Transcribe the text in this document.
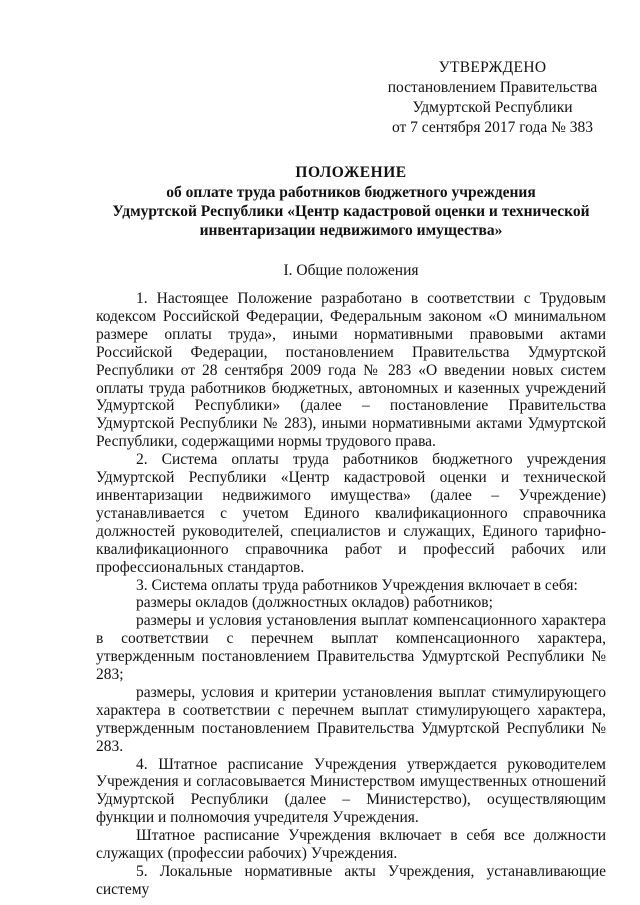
УТВЕРЖДЕНО
постановлением Правительства
Удмуртской Республики
от 7 сентября 2017 года № 383
ПОЛОЖЕНИЕ
об оплате труда работников бюджетного учреждения
Удмуртской Республики «Центр кадастровой оценки и технической
инвентаризации недвижимого имущества»
I. Общие положения

1. Настоящее Положение разработано в соответствии с Трудовым кодексом Российской Федерации, Федеральным законом «О минимальном размере оплаты труда», иными нормативными правовыми актами Российской Федерации, постановлением Правительства Удмуртской Республики от 28 сентября 2009 года № 283 «О введении новых систем оплаты труда работников бюджетных, автономных и казенных учреждений Удмуртской Республики» (далее – постановление Правительства Удмуртской Республики № 283), иными нормативными актами Удмуртской Республики, содержащими нормы трудового права.

2. Система оплаты труда работников бюджетного учреждения Удмуртской Республики «Центр кадастровой оценки и технической инвентаризации недвижимого имущества» (далее – Учреждение) устанавливается с учетом Единого квалификационного справочника должностей руководителей, специалистов и служащих, Единого тарифно-квалификационного справочника работ и профессий рабочих или профессиональных стандартов.

3. Система оплаты труда работников Учреждения включает в себя:

размеры окладов (должностных окладов) работников;

размеры и условия установления выплат компенсационного характера в соответствии с перечнем выплат компенсационного характера, утвержденным постановлением Правительства Удмуртской Республики № 283;

размеры, условия и критерии установления выплат стимулирующего характера в соответствии с перечнем выплат стимулирующего характера, утвержденным постановлением Правительства Удмуртской Республики № 283.

4. Штатное расписание Учреждения утверждается руководителем Учреждения и согласовывается Министерством имущественных отношений Удмуртской Республики (далее – Министерство), осуществляющим функции и полномочия учредителя Учреждения.

Штатное расписание Учреждения включает в себя все должности служащих (профессии рабочих) Учреждения.

5. Локальные нормативные акты Учреждения, устанавливающие систему
